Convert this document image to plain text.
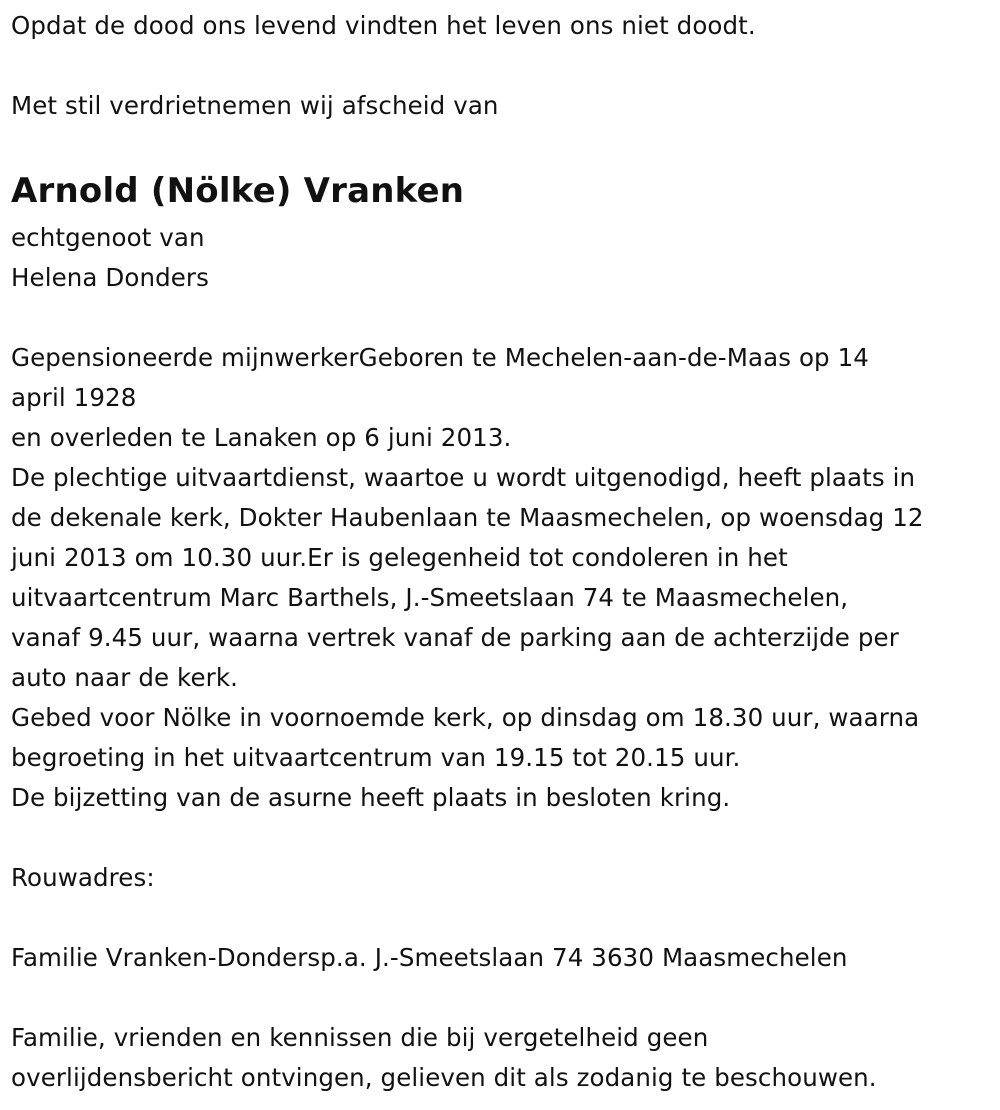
Opdat de dood ons levend vindten het leven ons niet doodt.
Met stil verdrietnemen wij afscheid van
Arnold (Nölke) Vranken
echtgenoot van
Helena Donders
Gepensioneerde mijnwerkerGeboren te Mechelen-aan-de-Maas op 14
april 1928
en overleden te Lanaken op 6 juni 2013.
De plechtige uitvaartdienst, waartoe u wordt uitgenodigd, heeft plaats in
de dekenale kerk, Dokter Haubenlaan te Maasmechelen, op woensdag 12
juni 2013 om 10.30 uur.Er is gelegenheid tot condoleren in het
uitvaartcentrum Marc Barthels, J.-Smeetslaan 74 te Maasmechelen,
vanaf 9.45 uur, waarna vertrek vanaf de parking aan de achterzijde per
auto naar de kerk.
Gebed voor Nölke in voornoemde kerk, op dinsdag om 18.30 uur, waarna
begroeting in het uitvaartcentrum van 19.15 tot 20.15 uur.
De bijzetting van de asurne heeft plaats in besloten kring.
Rouwadres:
Familie Vranken-Dondersp.a. J.-Smeetslaan 74 3630 Maasmechelen
Familie, vrienden en kennissen die bij vergetelheid geen
overlijdensbericht ontvingen, gelieven dit als zodanig te beschouwen.
